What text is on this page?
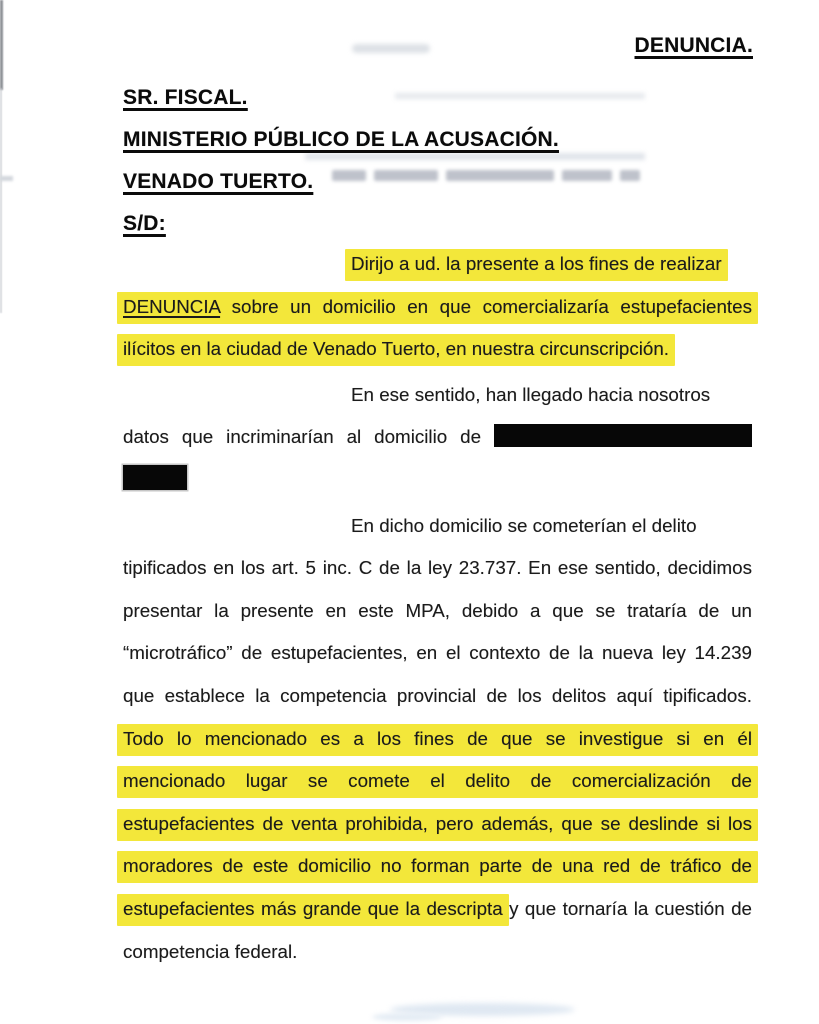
DENUNCIA.
SR. FISCAL.
MINISTERIO PÚBLICO DE LA ACUSACIÓN.
VENADO TUERTO.
S/D:
Dirijo a ud. la presente a los fines de realizar
DENUNCIA sobre un domicilio en que comercializaría estupefacientes
ilícitos en la ciudad de Venado Tuerto, en nuestra circunscripción.
En ese sentido, han llegado hacia nosotros
datos que incriminarían al domicilio de
En dicho domicilio se cometerían el delito
tipificados en los art. 5 inc. C de la ley 23.737. En ese sentido, decidimos
presentar la presente en este MPA, debido a que se trataría de un
“microtráfico” de estupefacientes, en el contexto de la nueva ley 14.239
que establece la competencia provincial de los delitos aquí tipificados.
Todo lo mencionado es a los fines de que se investigue si en él
mencionado lugar se comete el delito de comercialización de
estupefacientes de venta prohibida, pero además, que se deslinde si los
moradores de este domicilio no forman parte de una red de tráfico de
estupefacientes más grande que la descripta y que tornaría la cuestión de
competencia federal.
